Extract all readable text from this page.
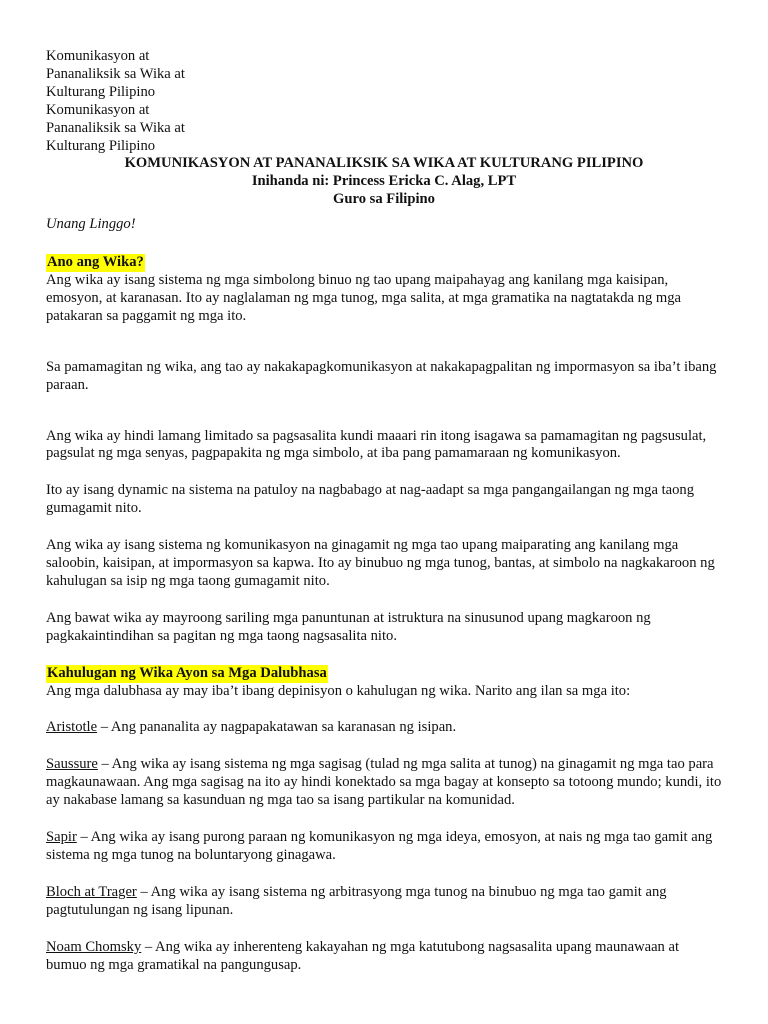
Komunikasyon at

Pananaliksik sa Wika at

Kulturang Pilipino

Komunikasyon at

Pananaliksik sa Wika at

Kulturang Pilipino

KOMUNIKASYON AT PANANALIKSIK SA WIKA AT KULTURANG PILIPINO

Inihanda ni: Princess Ericka C. Alag, LPT

Guro sa Filipino

Unang Linggo!

Ano ang Wika?

Ang wika ay isang sistema ng mga simbolong binuo ng tao upang maipahayag ang kanilang mga kaisipan, emosyon, at karanasan. Ito ay naglalaman ng mga tunog, mga salita, at mga gramatika na nagtatakda ng mga patakaran sa paggamit ng mga ito.

Sa pamamagitan ng wika, ang tao ay nakakapagkomunikasyon at nakakapagpalitan ng impormasyon sa iba’t ibang paraan.

Ang wika ay hindi lamang limitado sa pagsasalita kundi maaari rin itong isagawa sa pamamagitan ng pagsusulat, pagsulat ng mga senyas, pagpapakita ng mga simbolo, at iba pang pamamaraan ng komunikasyon.

Ito ay isang dynamic na sistema na patuloy na nagbabago at nag-aadapt sa mga pangangailangan ng mga taong gumagamit nito.

Ang wika ay isang sistema ng komunikasyon na ginagamit ng mga tao upang maiparating ang kanilang mga saloobin, kaisipan, at impormasyon sa kapwa. Ito ay binubuo ng mga tunog, bantas, at simbolo na nagkakaroon ng kahulugan sa isip ng mga taong gumagamit nito.

Ang bawat wika ay mayroong sariling mga panuntunan at istruktura na sinusunod upang magkaroon ng pagkakaintindihan sa pagitan ng mga taong nagsasalita nito.

Kahulugan ng Wika Ayon sa Mga Dalubhasa

Ang mga dalubhasa ay may iba’t ibang depinisyon o kahulugan ng wika. Narito ang ilan sa mga ito:

Aristotle – Ang pananalita ay nagpapakatawan sa karanasan ng isipan.

Saussure – Ang wika ay isang sistema ng mga sagisag (tulad ng mga salita at tunog) na ginagamit ng mga tao para magkaunawaan. Ang mga sagisag na ito ay hindi konektado sa mga bagay at konsepto sa totoong mundo; kundi, ito ay nakabase lamang sa kasunduan ng mga tao sa isang partikular na komunidad.

Sapir – Ang wika ay isang purong paraan ng komunikasyon ng mga ideya, emosyon, at nais ng mga tao gamit ang sistema ng mga tunog na boluntaryong ginagawa.

Bloch at Trager – Ang wika ay isang sistema ng arbitrasyong mga tunog na binubuo ng mga tao gamit ang pagtutulungan ng isang lipunan.

Noam Chomsky – Ang wika ay inherenteng kakayahan ng mga katutubong nagsasalita upang maunawaan at bumuo ng mga gramatikal na pangungusap.
